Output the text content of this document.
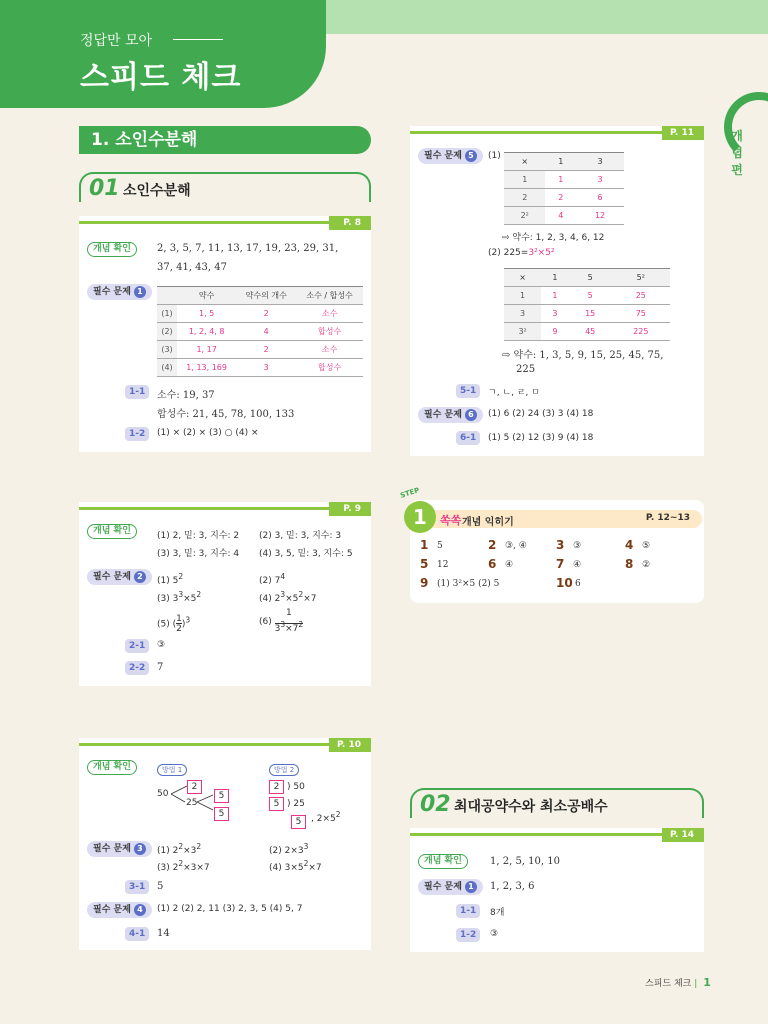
정답만 모아
스피드 체크
개념편
1. 소인수분해
01 소인수분해
P. 8
개념 확인	2, 3, 5, 7, 11, 13, 17, 19, 23, 29, 31,
37, 41, 43, 47
필수 문제 1
		약수	약수의 개수	소수 / 합성수
(1)	1, 5	2	소수
(2)	1, 2, 4, 8	4	합성수
(3)	1, 17	2	소수
(4)	1, 13, 169	3	합성수
1-1	소수: 19, 37
합성수: 21, 45, 78, 100, 133
1-2	(1) × (2) × (3) ○ (4) ×
P. 9
개념 확인	(1) 2, 밑: 3, 지수: 2 (2) 3, 밑: 3, 지수: 3
(3) 3, 밑: 3, 지수: 4 (4) 3, 5, 밑: 3, 지수: 5
필수 문제 2	(1) $5^2$	(2) $7^4$
(3) $3^3\times 5^2$	(4) $2^3\times 5^2\times 7$
(5) (1
2)$^3$	(6) 1
$3^3\times 7^2$
2-1	③
2-2	7
P. 10
개념 확인	방법 1	방법 2
50
25
2
5
5
2 ) 50
5 ) 25
5	, $2\times 5^2$
필수 문제 3	(1) $2^2\times 3^2$	(2) $2\times 3^3$
(3) $2^2\times 3\times 7$	(4) $3\times 5^2\times 7$
3-1	5
필수 문제 4	(1) 2 (2) 2, 11 (3) 2, 3, 5 (4) 5, 7
4-1	14
P. 11
필수 문제 5	(1)
×	1	3
1	1	3
2	2	6
2²	4	12
⇨ 약수: 1, 2, 3, 4, 6, 12
(2) 225=3²×5²
×	1	5	5²
1	1	5	25
3	3	15	75
3²	9	45	225
⇨ 약수: 1, 3, 5, 9, 15, 25, 45, 75,
225
5-1	ㄱ, ㄴ, ㄹ, ㅁ
필수 문제 6	(1) 6 (2) 24 (3) 3 (4) 18
6-1	(1) 5 (2) 12 (3) 9 (4) 18
STEP
쏙쏙 개념 익히기	P. 12~13
1
1 5	2 ③, ④ 3 ③	4 ⑤
5 12	6 ④	7 ④	8 ②
9 (1) 3²×5 (2) 5	10 6
02 최대공약수와 최소공배수
P. 14
개념 확인	1, 2, 5, 10, 10
필수 문제 1	1, 2, 3, 6
1-1	8개
1-2	③
스피드 체크 | 1
